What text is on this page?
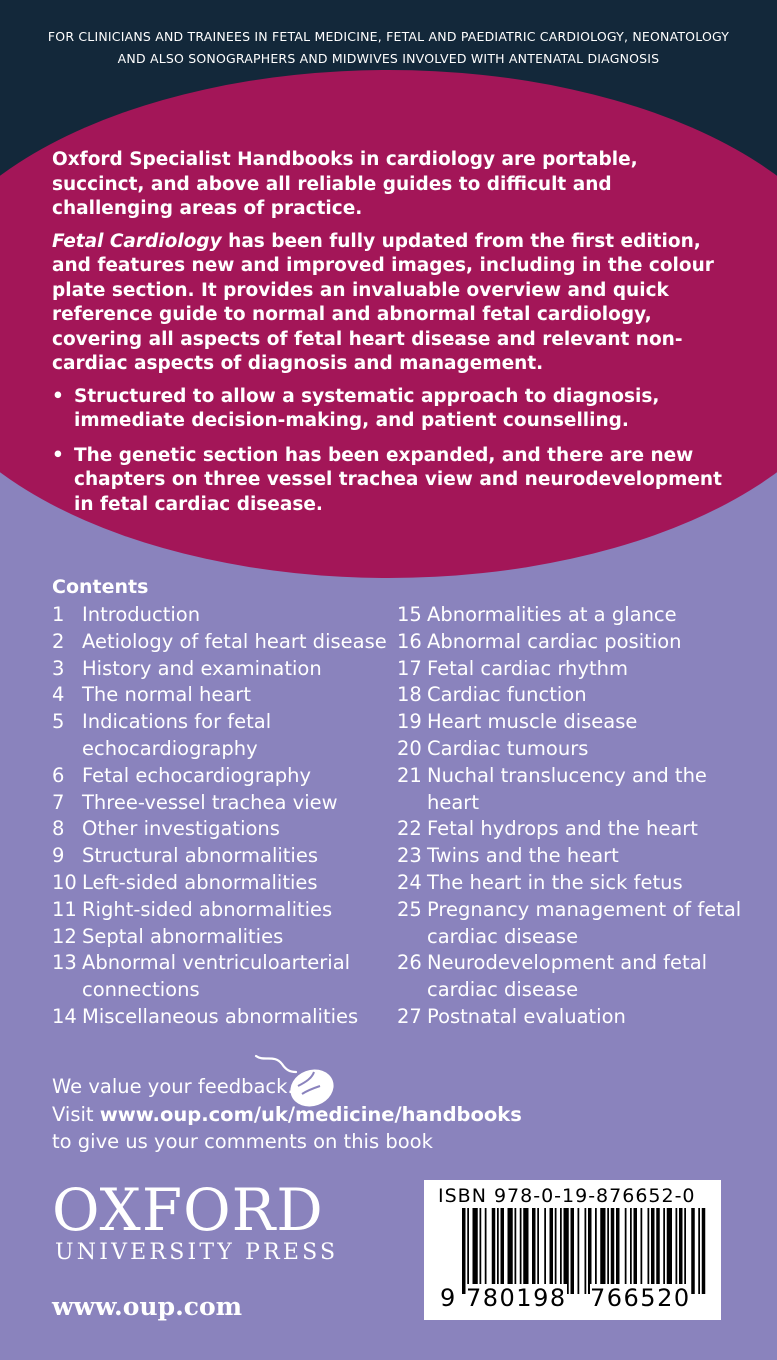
FOR CLINICIANS AND TRAINEES IN FETAL MEDICINE, FETAL AND PAEDIATRIC CARDIOLOGY, NEONATOLOGY
AND ALSO SONOGRAPHERS AND MIDWIVES INVOLVED WITH ANTENATAL DIAGNOSIS

Oxford Specialist Handbooks in cardiology are portable, succinct, and above all reliable guides to difficult and challenging areas of practice.

Fetal Cardiology has been fully updated from the first edition, and features new and improved images, including in the colour plate section. It provides an invaluable overview and quick reference guide to normal and abnormal fetal cardiology, covering all aspects of fetal heart disease and relevant non-cardiac aspects of diagnosis and management.

• Structured to allow a systematic approach to diagnosis, immediate decision-making, and patient counselling.
• The genetic section has been expanded, and there are new chapters on three vessel trachea view and neurodevelopment in fetal cardiac disease.
Contents
1 Introduction
2 Aetiology of fetal heart disease
3 History and examination
4 The normal heart
5 Indications for fetal echocardiography
6 Fetal echocardiography
7 Three-vessel trachea view
8 Other investigations
9 Structural abnormalities
10 Left-sided abnormalities
11 Right-sided abnormalities
12 Septal abnormalities
13 Abnormal ventriculoarterial connections
14 Miscellaneous abnormalities
15 Abnormalities at a glance
16 Abnormal cardiac position
17 Fetal cardiac rhythm
18 Cardiac function
19 Heart muscle disease
20 Cardiac tumours
21 Nuchal translucency and the heart
22 Fetal hydrops and the heart
23 Twins and the heart
24 The heart in the sick fetus
25 Pregnancy management of fetal cardiac disease
26 Neurodevelopment and fetal cardiac disease
27 Postnatal evaluation
We value your feedback.
Visit www.oup.com/uk/medicine/handbooks
to give us your comments on this book
OXFORD
UNIVERSITY PRESS
www.oup.com
ISBN 978-0-19-876652-0
9 780198 766520
